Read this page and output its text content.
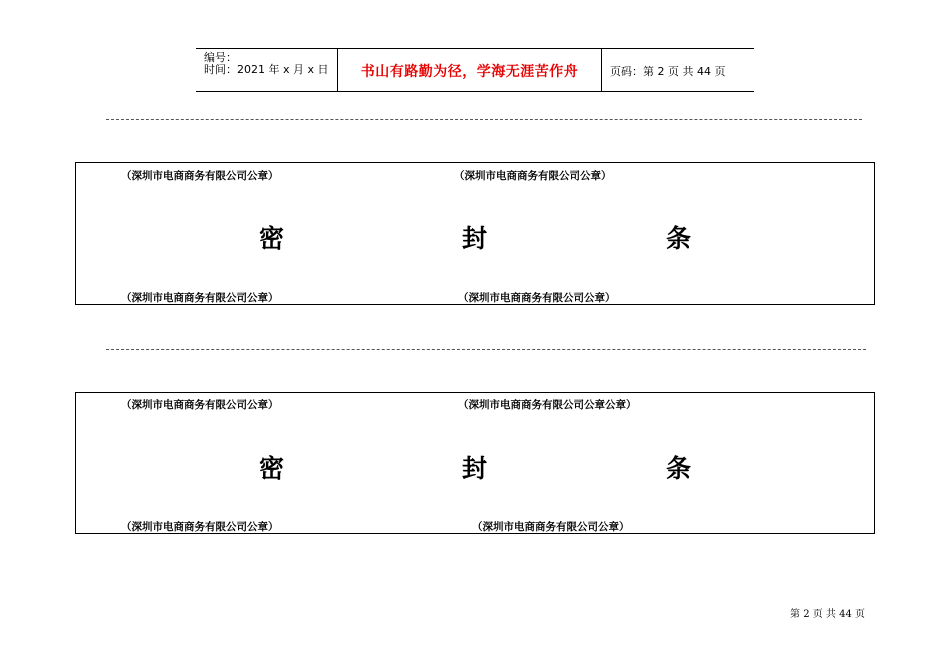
编号：
时间：2021 年 x 月 x 日	书山有路勤为径，学海无涯苦作舟	页码：第 2 页 共 44 页
（深圳市电商商务有限公司公章）	（深圳市电商商务有限公司公章）
密	封	条
（深圳市电商商务有限公司公章）	（深圳市电商商务有限公司公章）
（深圳市电商商务有限公司公章）	（深圳市电商商务有限公司公章公章）
密	封	条
（深圳市电商商务有限公司公章）	（深圳市电商商务有限公司公章）
第 2 页 共 44 页
